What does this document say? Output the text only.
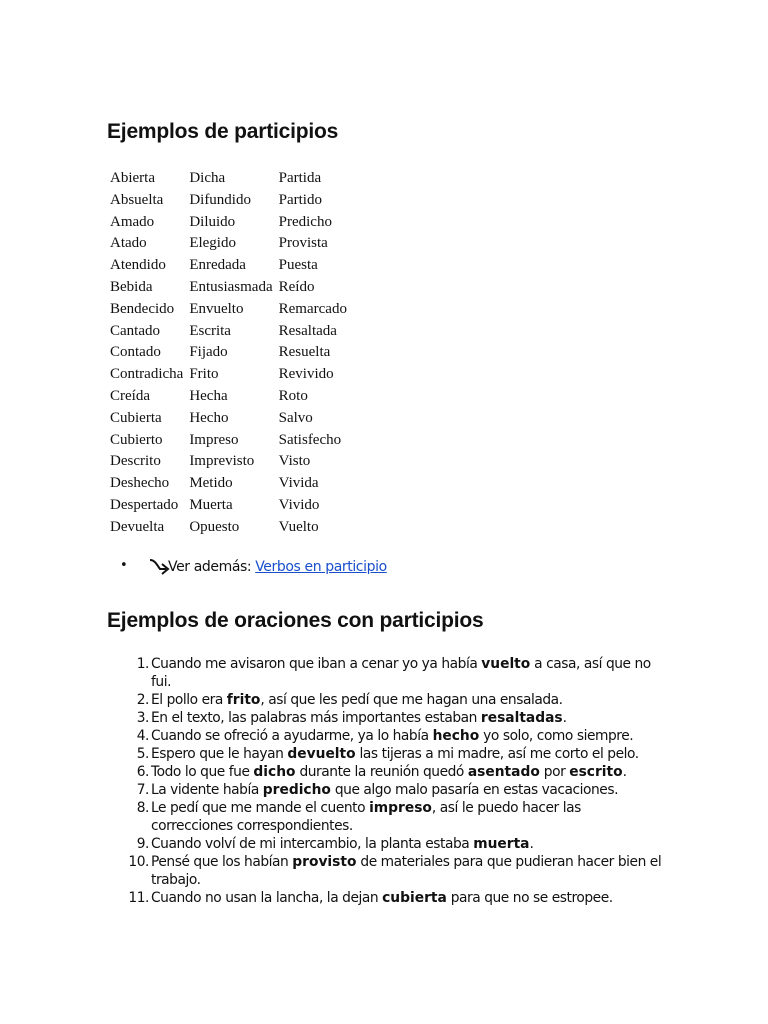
Ejemplos de participios
Abierta	Dicha	Partida
Absuelta	Difundido	Partido
Amado	Diluido	Predicho
Atado	Elegido	Provista
Atendido	Enredada	Puesta
Bebida	Entusiasmada	Reído
Bendecido	Envuelto	Remarcado
Cantado	Escrita	Resaltada
Contado	Fijado	Resuelta
Contradicha	Frito	Revivido
Creída	Hecha	Roto
Cubierta	Hecho	Salvo
Cubierto	Impreso	Satisfecho
Descrito	Imprevisto	Visto
Deshecho	Metido	Vivida
Despertado	Muerta	Vivido
Devuelta	Opuesto	Vuelto
•	Ver además: Verbos en participio
Ejemplos de oraciones con participios
1. Cuando me avisaron que iban a cenar yo ya había vuelto a casa, así que no fui.
2. El pollo era frito, así que les pedí que me hagan una ensalada.
3. En el texto, las palabras más importantes estaban resaltadas.
4. Cuando se ofreció a ayudarme, ya lo había hecho yo solo, como siempre.
5. Espero que le hayan devuelto las tijeras a mi madre, así me corto el pelo.
6. Todo lo que fue dicho durante la reunión quedó asentado por escrito.
7. La vidente había predicho que algo malo pasaría en estas vacaciones.
8. Le pedí que me mande el cuento impreso, así le puedo hacer las correcciones correspondientes.
9. Cuando volví de mi intercambio, la planta estaba muerta.
10. Pensé que los habían provisto de materiales para que pudieran hacer bien el trabajo.
11. Cuando no usan la lancha, la dejan cubierta para que no se estropee.
